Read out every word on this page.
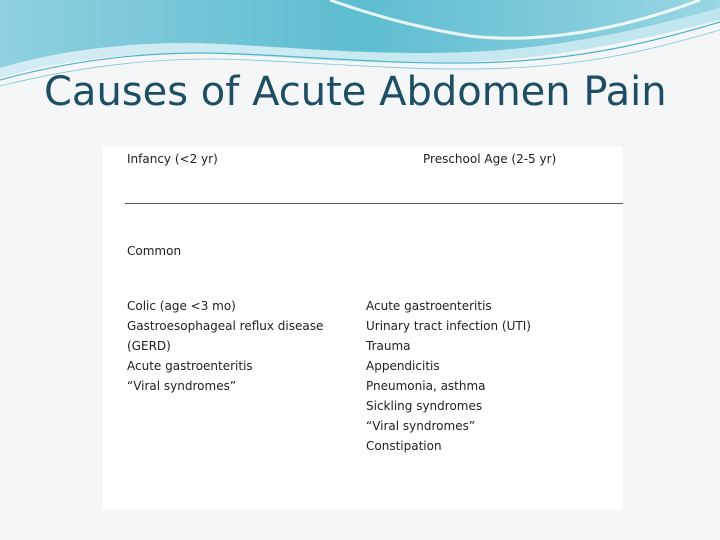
Causes of Acute Abdomen Pain
Infancy (<2 yr)	Preschool Age (2-5 yr)
Common
Colic (age <3 mo)
Gastroesophageal reflux disease
(GERD)
Acute gastroenteritis
“Viral syndromes”
Acute gastroenteritis
Urinary tract infection (UTI)
Trauma
Appendicitis
Pneumonia, asthma
Sickling syndromes
“Viral syndromes”
Constipation
